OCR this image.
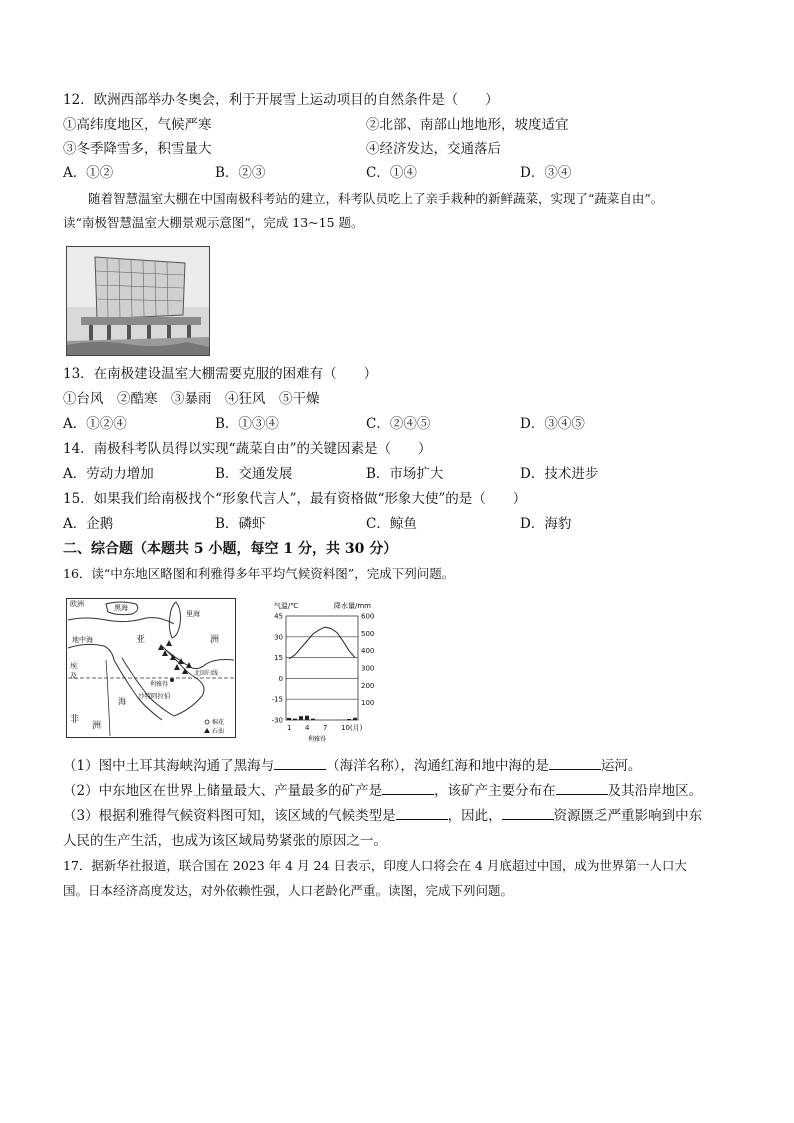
12．欧洲西部举办冬奥会，利于开展雪上运动项目的自然条件是（　　）
①高纬度地区，气候严寒	②北部、南部山地地形，坡度适宜
③冬季降雪多，积雪量大	④经济发达，交通落后
A．①②	B．②③	C．①④	D．③④
　　随着智慧温室大棚在中国南极科考站的建立，科考队员吃上了亲手栽种的新鲜蔬菜，实现了“蔬菜自由”。
读“南极智慧温室大棚景观示意图”，完成 13~15 题。
13．在南极建设温室大棚需要克服的困难有（　　）
①台风　②酷寒　③暴雨　④狂风　⑤干燥
A．①②④	B．①③④	C．②④⑤	D．③④⑤
14．南极科考队员得以实现“蔬菜自由”的关键因素是（　　）
A．劳动力增加	B．交通发展	B．市场扩大	D．技术进步
15．如果我们给南极找个“形象代言人”，最有资格做“形象大使”的是（　　）
A．企鹅	B．磷虾	C．鲸鱼	D．海豹
二、综合题（本题共 5 小题，每空 1 分，共 30 分）
16．读“中东地区略图和利雅得多年平均气候资料图”，完成下列问题。
欧洲	黑海
里海
地中海	亚	洲
埃
及
利雅得
沙特阿拉伯
北回归线
非
洲
海
棉花
石油
气温/℃	降水量/mm
45
30
15
0
-15
-30
600
500
400
300
200
100
1 4 7 10(月)
利雅得
（1）图中土耳其海峡沟通了黑海与	（海洋名称），沟通红海和地中海的是	运河。
（2）中东地区在世界上储量最大、产量最多的矿产是	，该矿产主要分布在	及其沿岸地区。
（3）根据利雅得气候资料图可知，该区域的气候类型是	，因此，	资源匮乏严重影响到中东
人民的生产生活，也成为该区域局势紧张的原因之一。
17．据新华社报道，联合国在 2023 年 4 月 24 日表示，印度人口将会在 4 月底超过中国，成为世界第一人口大
国。日本经济高度发达，对外依赖性强，人口老龄化严重。读图，完成下列问题。
